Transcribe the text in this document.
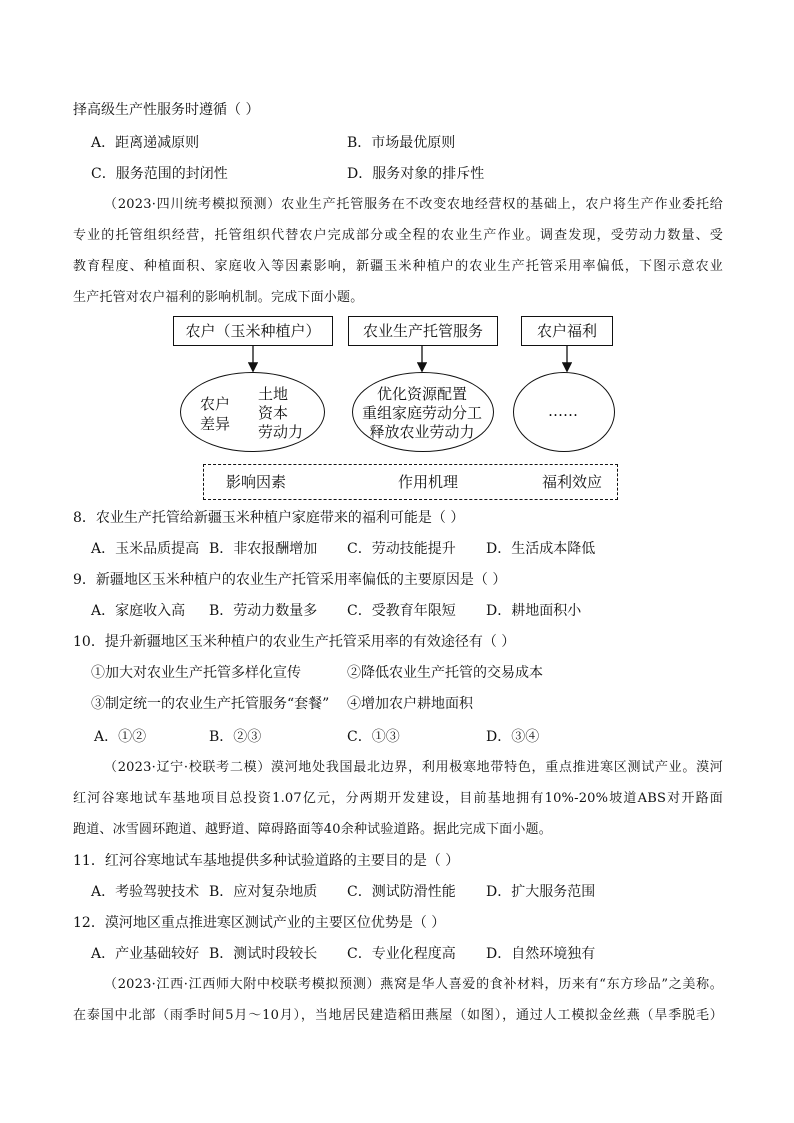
择高级生产性服务时遵循（ ）
A．距离递减原则	B．市场最优原则
C．服务范围的封闭性	D．服务对象的排斥性
（2023·四川统考模拟预测）农业生产托管服务在不改变农地经营权的基础上，农户将生产作业委托给
专业的托管组织经营，托管组织代替农户完成部分或全程的农业生产作业。调查发现，受劳动力数量、受
教育程度、种植面积、家庭收入等因素影响，新疆玉米种植户的农业生产托管采用率偏低，下图示意农业
生产托管对农户福利的影响机制。完成下面小题。
农户（玉米种植户）	农业生产托管服务	农户福利
农户
差异
土地
资本
劳动力
优化资源配置
重组家庭劳动分工
释放农业劳动力
……
影响因素	作用机理	福利效应
8．农业生产托管给新疆玉米种植户家庭带来的福利可能是（ ）
A．玉米品质提高 B．非农报酬增加 C．劳动技能提升 D．生活成本降低
9．新疆地区玉米种植户的农业生产托管采用率偏低的主要原因是（ ）
A．家庭收入高 B．劳动力数量多 C．受教育年限短 D．耕地面积小
10．提升新疆地区玉米种植户的农业生产托管采用率的有效途径有（ ）
①加大对农业生产托管多样化宣传	②降低农业生产托管的交易成本
③制定统一的农业生产托管服务“套餐” ④增加农户耕地面积
A．①②	B．②③	C．①③	D．③④
（2023·辽宁·校联考二模）漠河地处我国最北边界，利用极寒地带特色，重点推进寒区测试产业。漠河
红河谷寒地试车基地项目总投资1.07亿元，分两期开发建设，目前基地拥有10%-20%坡道ABS对开路面
跑道、冰雪圆环跑道、越野道、障碍路面等40余种试验道路。据此完成下面小题。
11．红河谷寒地试车基地提供多种试验道路的主要目的是（ ）
A．考验驾驶技术 B．应对复杂地质 C．测试防滑性能 D．扩大服务范围
12．漠河地区重点推进寒区测试产业的主要区位优势是（ ）
A．产业基础较好 B．测试时段较长 C．专业化程度高 D．自然环境独有
（2023·江西·江西师大附中校联考模拟预测）燕窝是华人喜爱的食补材料，历来有“东方珍品”之美称。
在泰国中北部（雨季时间5月～10月），当地居民建造稻田燕屋（如图），通过人工模拟金丝燕（旱季脱毛）
